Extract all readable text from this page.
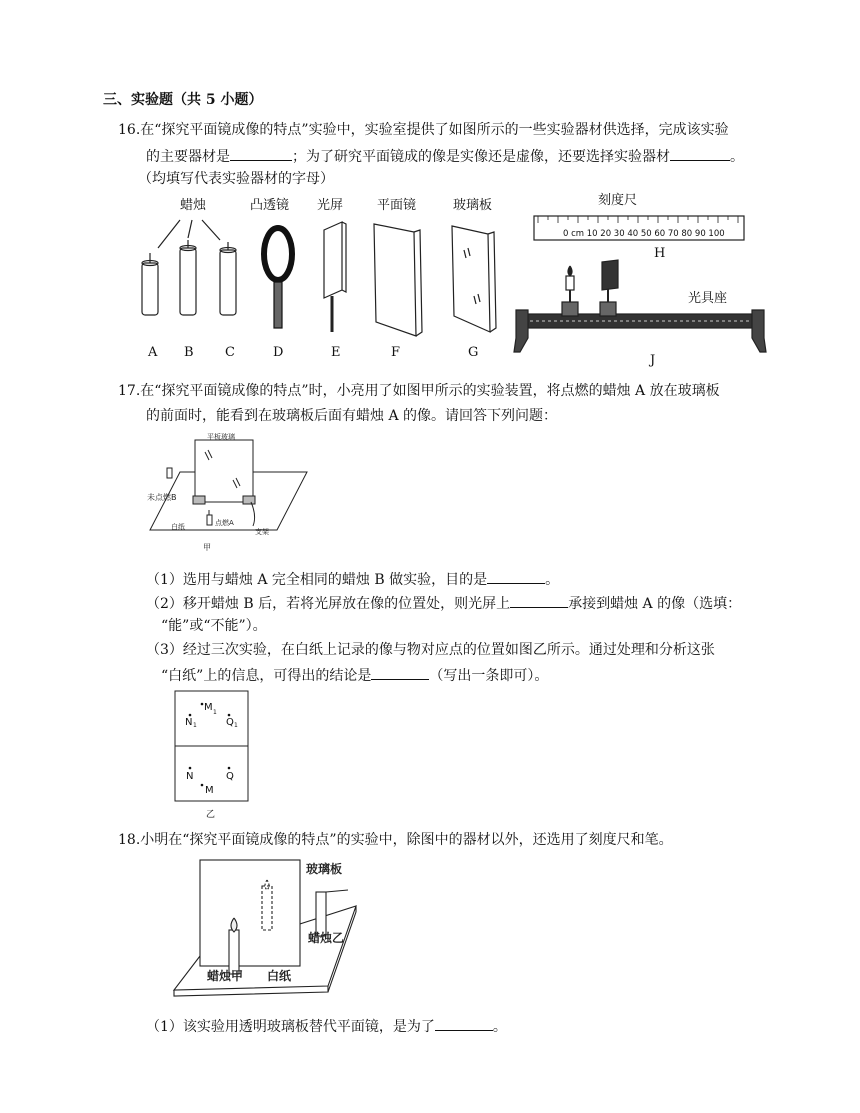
三、实验题（共 5 小题）
16.在“探究平面镜成像的特点”实验中，实验室提供了如图所示的一些实验器材供选择，完成该实验
的主要器材是	；为了研究平面镜成的像是实像还是虚像，还要选择实验器材	。
（均填写代表实验器材的字母）
蜡烛	凸透镜 光屏	平面镜	玻璃板	刻度尺
光具座
0 cm 10 20 30 40 50 60 70 80 90 100
A B C	D	E	F	G
H
J
17.在“探究平面镜成像的特点”时，小亮用了如图甲所示的实验装置，将点燃的蜡烛 A 放在玻璃板
的前面时，能看到在玻璃板后面有蜡烛 A 的像。请回答下列问题：
平板玻璃
未点燃B
点燃A
白纸
支架
甲
（1）选用与蜡烛 A 完全相同的蜡烛 B 做实验，目的是	。
（2）移开蜡烛 B 后，若将光屏放在像的位置处，则光屏上	承接到蜡烛 A 的像（选填：
“能”或“不能”）。
（3）经过三次实验，在白纸上记录的像与物对应点的位置如图乙所示。通过处理和分析这张
“白纸”上的信息，可得出的结论是	（写出一条即可）。
M 1
N 1	Q 1
N	Q
M
乙
18.小明在“探究平面镜成像的特点”的实验中，除图中的器材以外，还选用了刻度尺和笔。
玻璃板
蜡烛乙
蜡烛甲 白纸
（1）该实验用透明玻璃板替代平面镜，是为了	。
